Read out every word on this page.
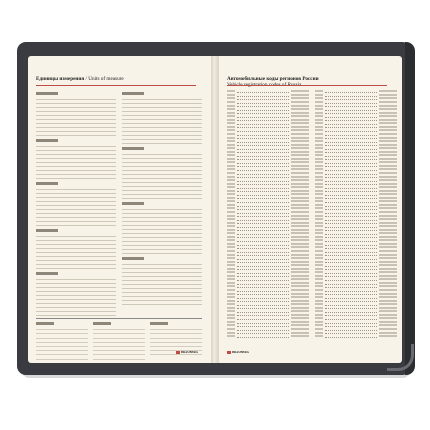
Единицы измерения / Units of measure
BRAUBERG
Автомобильные коды регионов России

BRAUBERG
